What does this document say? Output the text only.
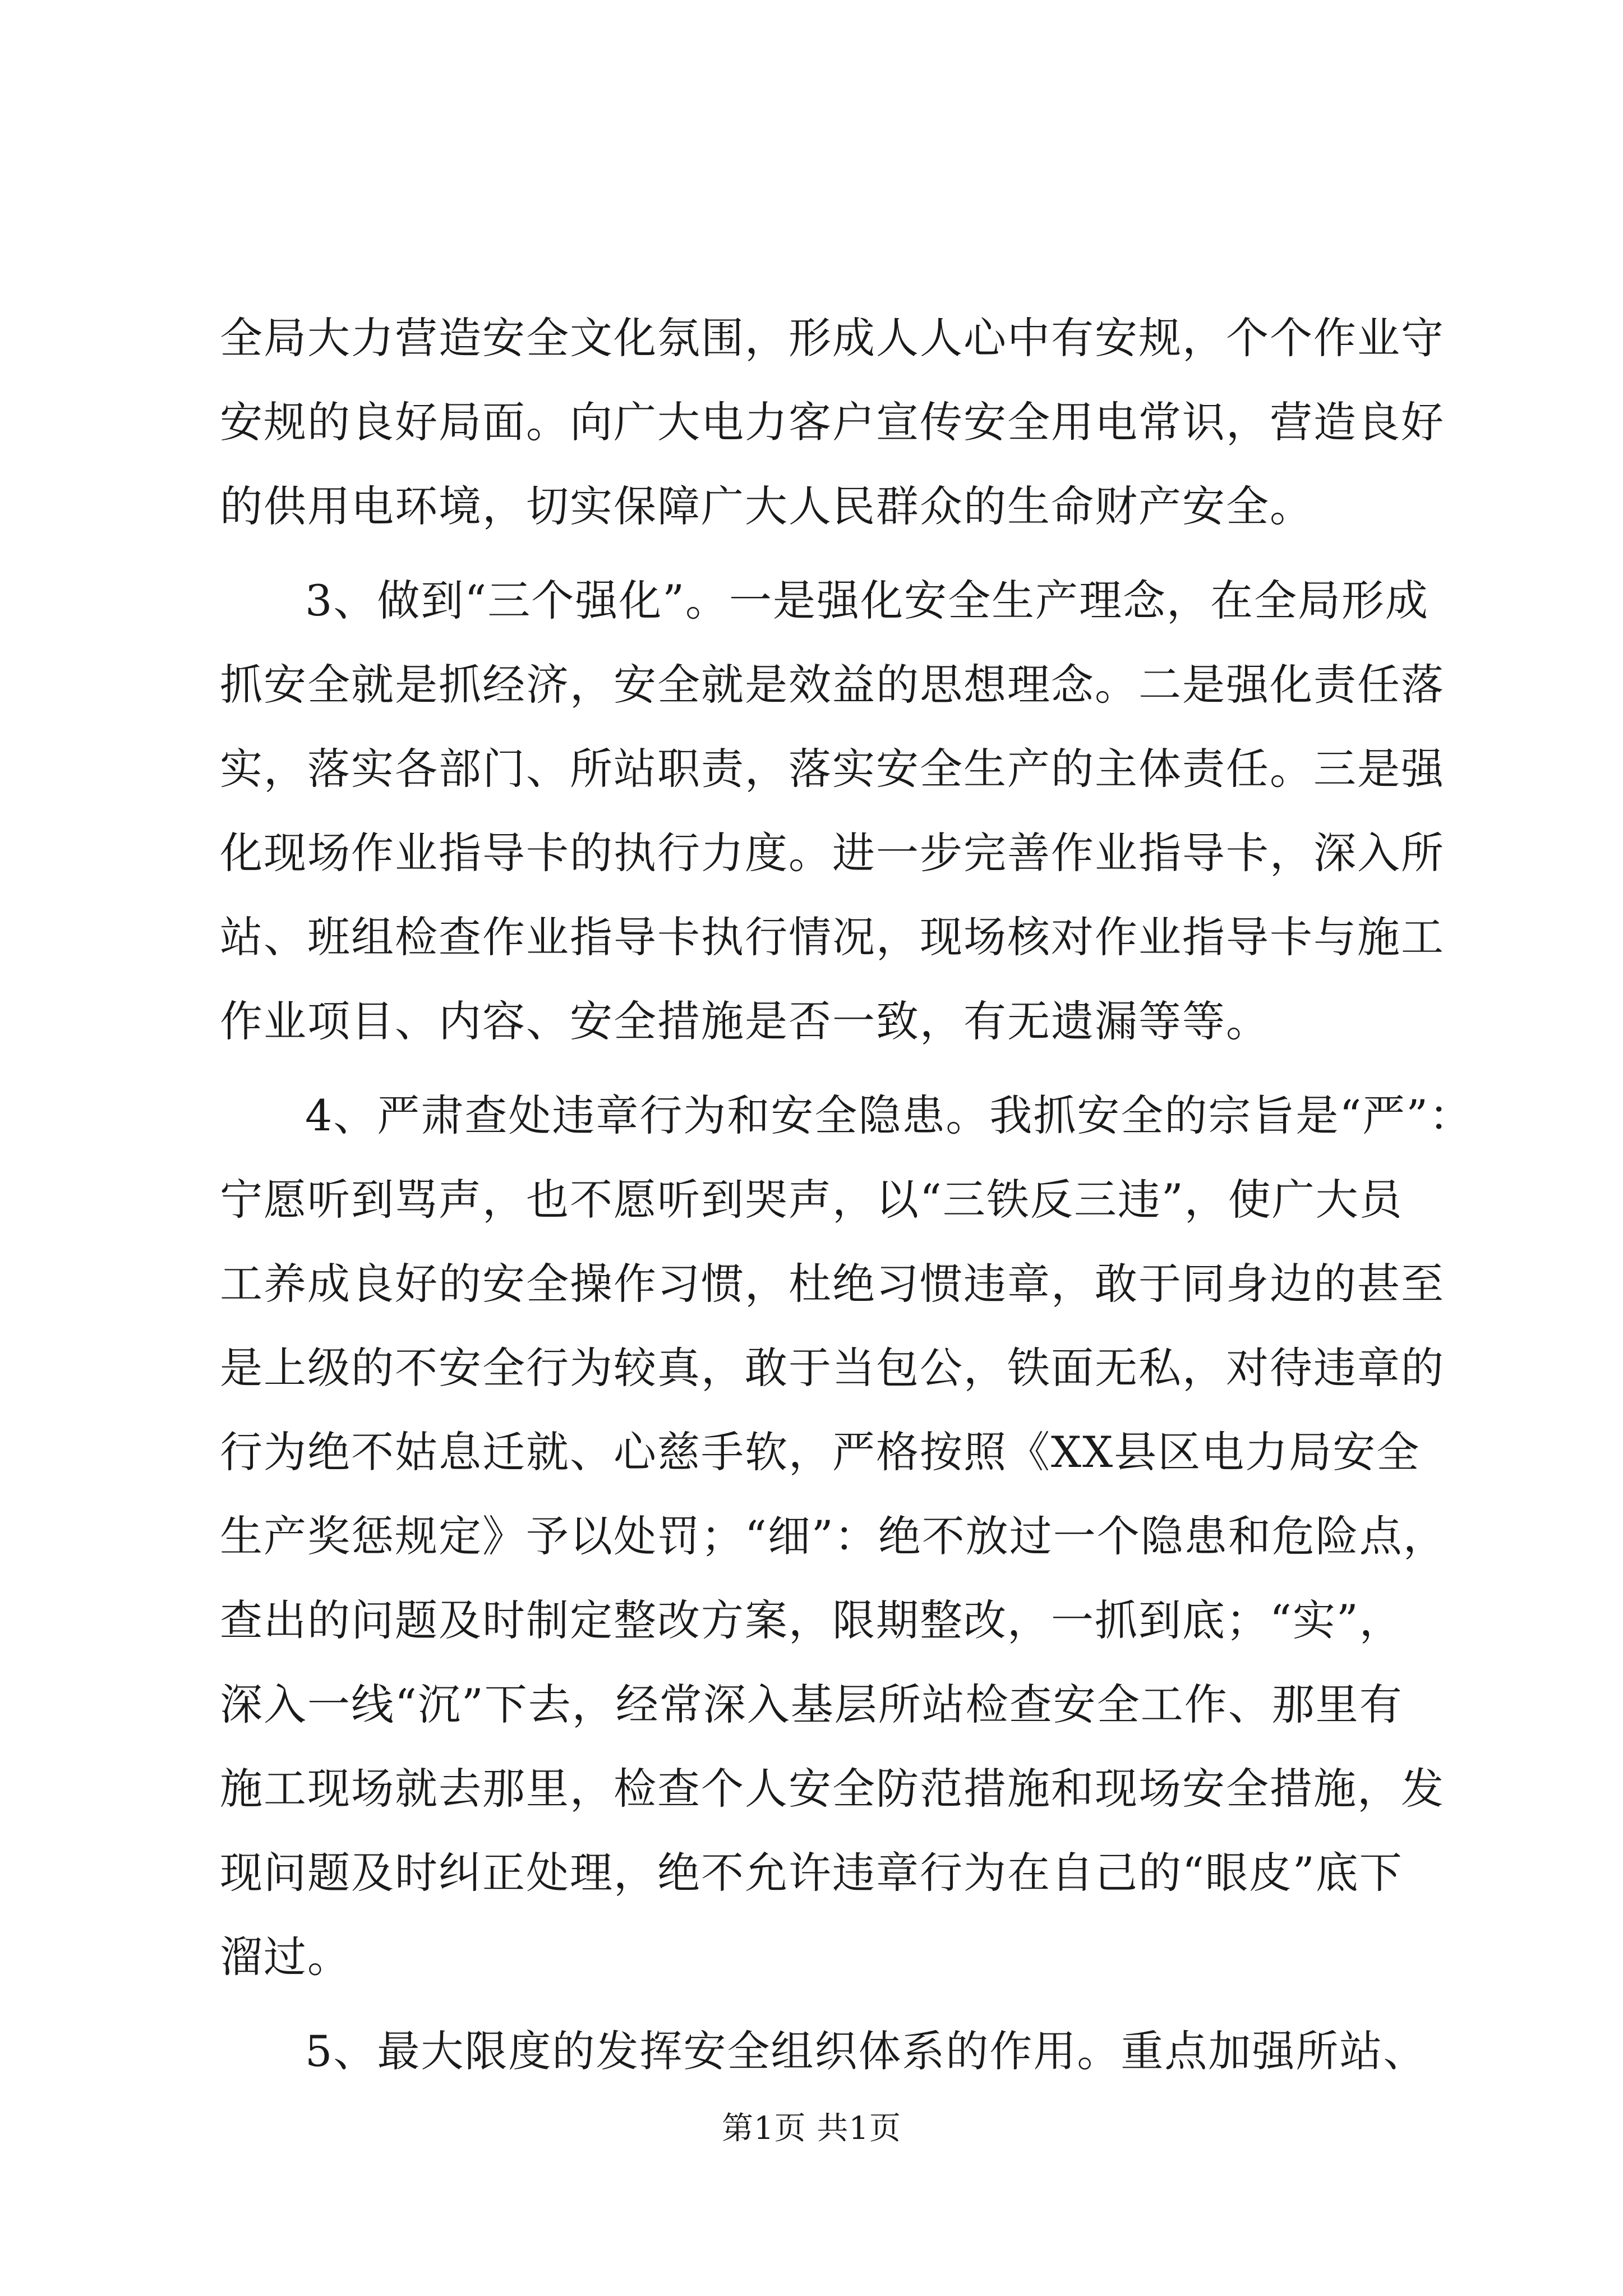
全局大力营造安全文化氛围，形成人人心中有安规，个个作业守
安规的良好局面。向广大电力客户宣传安全用电常识，营造良好
的供用电环境，切实保障广大人民群众的生命财产安全。
3、做到“三个强化”。一是强化安全生产理念，在全局形成
抓安全就是抓经济，安全就是效益的思想理念。二是强化责任落
实，落实各部门、所站职责，落实安全生产的主体责任。三是强
化现场作业指导卡的执行力度。进一步完善作业指导卡，深入所
站、班组检查作业指导卡执行情况，现场核对作业指导卡与施工
作业项目、内容、安全措施是否一致，有无遗漏等等。
4、严肃查处违章行为和安全隐患。我抓安全的宗旨是“严”：
宁愿听到骂声，也不愿听到哭声，以“三铁反三违”，使广大员
工养成良好的安全操作习惯，杜绝习惯违章，敢于同身边的甚至
是上级的不安全行为较真，敢于当包公，铁面无私，对待违章的
行为绝不姑息迁就、心慈手软，严格按照《XX县区电力局安全
生产奖惩规定》予以处罚；“细”：绝不放过一个隐患和危险点，
查出的问题及时制定整改方案，限期整改，一抓到底；“实”，
深入一线“沉”下去，经常深入基层所站检查安全工作、那里有
施工现场就去那里，检查个人安全防范措施和现场安全措施，发
现问题及时纠正处理，绝不允许违章行为在自己的“眼皮”底下
溜过。
5、最大限度的发挥安全组织体系的作用。重点加强所站、
第1页 共1页
